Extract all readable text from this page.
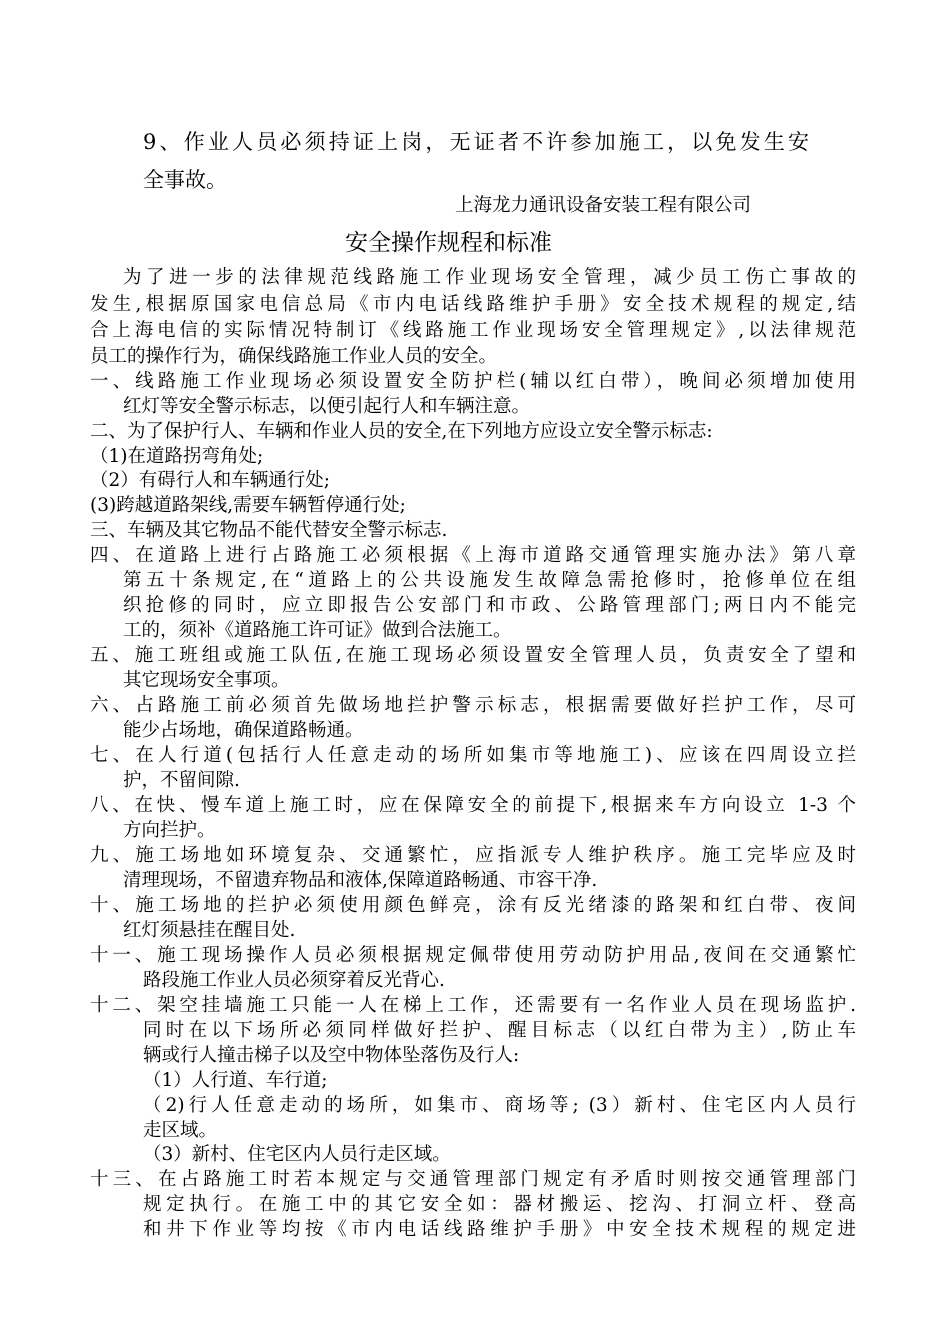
9、作业人员必须持证上岗，无证者不许参加施工，以免发生安
全事故。
上海龙力通讯设备安装工程有限公司
安全操作规程和标准
为了进一步的法律规范线路施工作业现场安全管理，减少员工伤亡事故的
发生,根据原国家电信总局《市内电话线路维护手册》安全技术规程的规定,结
合上海电信的实际情况特制订《线路施工作业现场安全管理规定》,以法律规范
员工的操作行为，确保线路施工作业人员的安全。
一、线路施工作业现场必须设置安全防护栏(辅以红白带），晚间必须增加使用
红灯等安全警示标志，以便引起行人和车辆注意。
二、为了保护行人、车辆和作业人员的安全,在下列地方应设立安全警示标志:
（1)在道路拐弯角处;
（2）有碍行人和车辆通行处;
(3)跨越道路架线,需要车辆暂停通行处;
三、车辆及其它物品不能代替安全警示标志.
四、在道路上进行占路施工必须根据《上海市道路交通管理实施办法》第八章
第五十条规定,在“道路上的公共设施发生故障急需抢修时，抢修单位在组
织抢修的同时，应立即报告公安部门和市政、公路管理部门;两日内不能完
工的，须补《道路施工许可证》做到合法施工。
五、施工班组或施工队伍,在施工现场必须设置安全管理人员，负责安全了望和
其它现场安全事项。
六、占路施工前必须首先做场地拦护警示标志，根据需要做好拦护工作，尽可
能少占场地，确保道路畅通。
七、在人行道(包括行人任意走动的场所如集市等地施工)、应该在四周设立拦
护，不留间隙.
八、在快、慢车道上施工时，应在保障安全的前提下,根据来车方向设立 1-3 个
方向拦护。
九、施工场地如环境复杂、交通繁忙，应指派专人维护秩序。施工完毕应及时
清理现场，不留遗弃物品和液体,保障道路畅通、市容干净.
十、施工场地的拦护必须使用颜色鲜亮，涂有反光绪漆的路架和红白带、夜间
红灯须悬挂在醒目处.
十一、施工现场操作人员必须根据规定佩带使用劳动防护用品,夜间在交通繁忙
路段施工作业人员必须穿着反光背心.
十二、架空挂墙施工只能一人在梯上工作，还需要有一名作业人员在现场监护.
同时在以下场所必须同样做好拦护、醒目标志（以红白带为主）,防止车
辆或行人撞击梯子以及空中物体坠落伤及行人:
（1）人行道、车行道;
（2)行人任意走动的场所，如集市、商场等; (3）新村、住宅区内人员行
走区域。
（3）新村、住宅区内人员行走区域。
十三、在占路施工时若本规定与交通管理部门规定有矛盾时则按交通管理部门
规定执行。在施工中的其它安全如：器材搬运、挖沟、打洞立杆、登高
和井下作业等均按《市内电话线路维护手册》中安全技术规程的规定进
